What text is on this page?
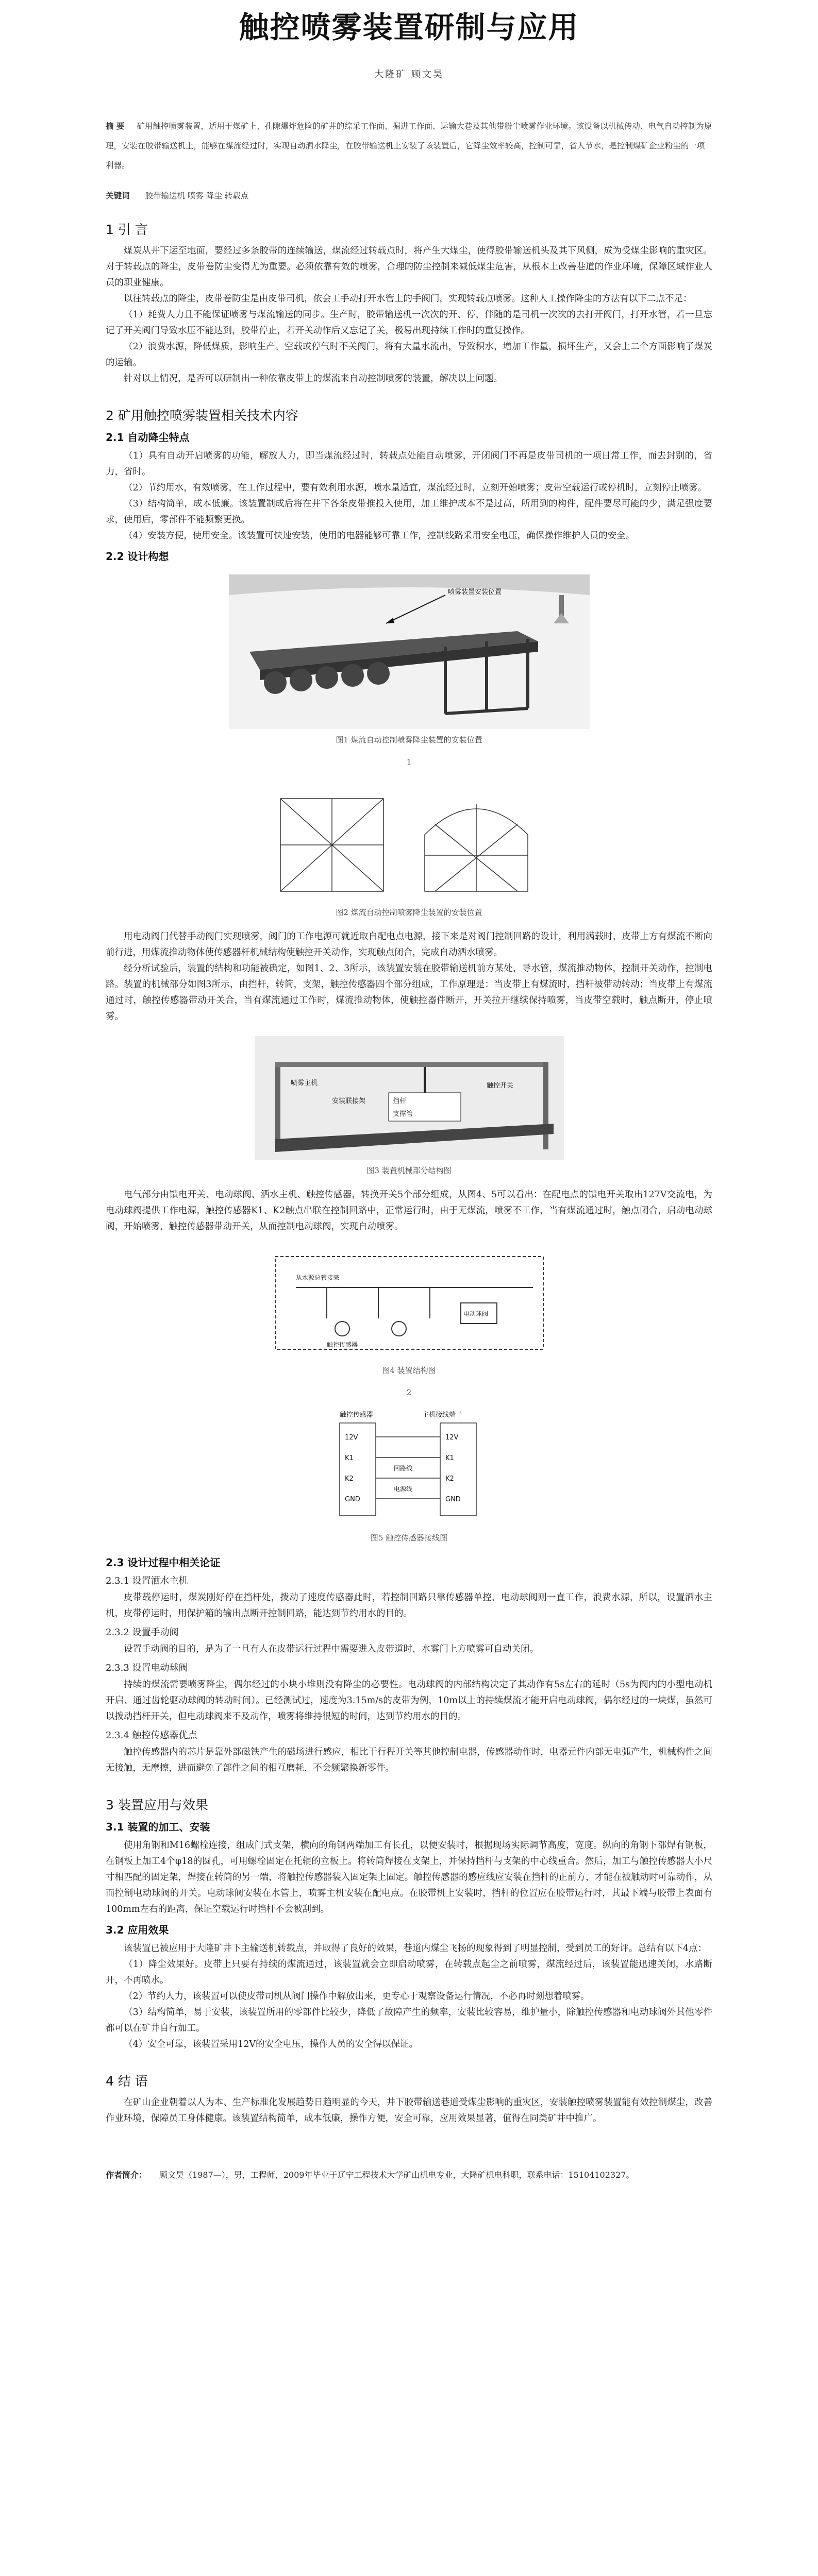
触控喷雾装置研制与应用
大隆矿 顾文昊
摘 要 矿用触控喷雾装置，适用于煤矿上、孔隙爆炸危险的矿井的综采工作面、掘进工作面、运输大巷及其他带粉尘喷雾作业环境。该设备以机械传动、电气自动控制为原理，安装在胶带输送机上，能够在煤流经过时，实现自动洒水降尘，在胶带输送机上安装了该装置后，它降尘效率较高，控制可靠，省人节水，是控制煤矿企业粉尘的一项利器。
关键词 胶带输送机 喷雾 降尘 转载点
1 引 言

煤炭从井下运至地面，要经过多条胶带的连续输送，煤流经过转载点时，将产生大煤尘，使得胶带输送机头及其下风侧，成为受煤尘影响的重灾区。对于转载点的降尘，皮带卷防尘变得尤为重要。必须依靠有效的喷雾，合理的防尘控制来减低煤尘危害，从根本上改善巷道的作业环境，保障区域作业人员的职业健康。

以往转载点的降尘，皮带卷防尘是由皮带司机，依会工手动打开水管上的手阀门，实现转载点喷雾。这种人工操作降尘的方法有以下二点不足：

（1）耗费人力且不能保证喷雾与煤流输送的同步。生产时，胶带输送机一次次的开、停，伴随的是司机一次次的去打开阀门，打开水管，若一旦忘记了开关阀门导致水压不能达到，胶带停止，若开关动作后又忘记了关，极易出现持续工作时的重复操作。

（2）浪费水源，降低煤质，影响生产。空载或停气时不关阀门，将有大量水流出，导致积水，增加工作量，损坏生产，又会上二个方面影响了煤炭的运输。

针对以上情况，是否可以研制出一种依靠皮带上的煤流来自动控制喷雾的装置，解决以上问题。

2 矿用触控喷雾装置相关技术内容
2.1 自动降尘特点

（1）具有自动开启喷雾的功能，解放人力，即当煤流经过时，转载点处能自动喷雾，开闭阀门不再是皮带司机的一项日常工作，而去封别的，省力，省时。

（2）节约用水，有效喷雾，在工作过程中，要有效利用水源，喷水量适宜，煤流经过时，立刻开始喷雾；皮带空载运行或停机时，立刻停止喷雾。

（3）结构简单，成本低廉。该装置制成后将在井下各条皮带推投入使用，加工维护成本不是过高，所用到的构件，配件要尽可能的少，满足强度要求，使用后，零部件不能频繁更换。

（4）安装方便，使用安全。该装置可快速安装，使用的电器能够可靠工作，控制线路采用安全电压，确保操作维护人员的安全。

2.2 设计构想
喷雾装置安装位置
图1 煤流自动控制喷雾降尘装置的安装位置
1
图2 煤流自动控制喷雾降尘装置的安装位置

用电动阀门代替手动阀门实现喷雾，阀门的工作电源可就近取自配电点电源，接下来是对阀门控制回路的设计，利用满载时，皮带上方有煤流不断向前行进，用煤流推动物体使传感器杆机械结构使触控开关动作，实现触点闭合，完成自动洒水喷雾。

经分析试验后，装置的结构和功能被确定，如图1、2、3所示，该装置安装在胶带输送机前方某处，导水管，煤流推动物体，控制开关动作，控制电路。装置的机械部分如图3所示，由挡杆，转筒，支架，触控传感器四个部分组成，工作原理是：当皮带上有煤流时，挡杆被带动转动；当皮带上有煤流通过时，触控传感器带动开关合，当有煤流通过工作时，煤流推动物体，使触控器件断开，开关拉开继续保持喷雾，当皮带空载时，触点断开，停止喷雾。

喷雾主机
安装联接架	挡杆
支撑管
触控开关
图3 装置机械部分结构图

电气部分由馈电开关、电动球阀、洒水主机、触控传感器，转换开关5个部分组成，从图4、5可以看出：在配电点的馈电开关取出127V交流电，为电动球阀提供工作电源，触控传感器K1、K2触点串联在控制回路中，正常运行时，由于无煤流，喷雾不工作，当有煤流通过时，触点闭合，启动电动球阀，开始喷雾，触控传感器带动开关，从而控制电动球阀，实现自动喷雾。

从水源总管接来
电动球阀
触控传感器
图4 装置结构图
2
触控传感器	主机接线端子
12V
K1
K2
GND
12V
K1
K2
GND
回路线
电源线
图5 触控传感器接线图
2.3 设计过程中相关论证
2.3.1 设置洒水主机

皮带载停运时，煤炭刚好停在挡杆处，拨动了速度传感器此时，若控制回路只靠传感器单控，电动球阀则一直工作，浪费水源，所以，设置洒水主机，皮带停运时，用保护箱的输出点断开控制回路，能达到节约用水的目的。

2.3.2 设置手动阀

设置手动阀的目的，是为了一旦有人在皮带运行过程中需要进入皮带道时，水雾门上方喷雾可自动关闭。

2.3.3 设置电动球阀

持续的煤流需要喷雾降尘，偶尔经过的小块小堆则没有降尘的必要性。电动球阀的内部结构决定了其动作有5s左右的延时（5s为阀内的小型电动机开启、通过齿轮驱动球阀的转动时间）。已经测试过，速度为3.15m/s的皮带为例，10m以上的持续煤流才能开启电动球阀，偶尔经过的一块煤，虽然可以拨动挡杆开关，但电动球阀来不及动作，喷雾将维持很短的时间，达到节约用水的目的。

2.3.4 触控传感器优点

触控传感器内的芯片是靠外部磁铁产生的磁场进行感应，相比于行程开关等其他控制电器，传感器动作时，电器元件内部无电弧产生，机械构件之间无接触，无摩擦，进而避免了部件之间的相互磨耗，不会频繁换新零件。

3 装置应用与效果
3.1 装置的加工、安装

使用角钢和M16螺栓连接，组成门式支架，横向的角钢两端加工有长孔，以便安装时，根据现场实际调节高度，宽度。纵向的角钢下部焊有钢板，在钢板上加工4个φ18的圆孔，可用螺栓固定在托辊的立板上。将转筒焊接在支架上，并保持挡杆与支架的中心线重合。然后，加工与触控传感器大小尺寸相匹配的固定架，焊接在转筒的另一端，将触控传感器装入固定架上固定。触控传感器的感应线应安装在挡杆的正前方，才能在被触动时可靠动作，从而控制电动球阀的开关。电动球阀安装在水管上，喷雾主机安装在配电点。在胶带机上安装时，挡杆的位置应在胶带运行时，其最下端与胶带上表面有100mm左右的距离，保证空载运行时挡杆不会被刮到。

3.2 应用效果

该装置已被应用于大隆矿井下主输送机转载点，并取得了良好的效果，巷道内煤尘飞扬的现象得到了明显控制，受到员工的好评。总结有以下4点：

（1）降尘效果好。皮带上只要有持续的煤流通过，该装置就会立即启动喷雾，在转载点起尘之前喷雾，煤流经过后，该装置能迅速关闭，水路断开，不再喷水。

（2）节约人力，该装置可以使皮带司机从阀门操作中解放出来，更专心于观察设备运行情况，不必再时刻想着喷雾。

（3）结构简单，易于安装，该装置所用的零部件比较少，降低了故障产生的频率，安装比较容易，维护量小，除触控传感器和电动球阀外其他零件都可以在矿井自行加工。

（4）安全可靠，该装置采用12V的安全电压，操作人员的安全得以保证。

4 结 语

在矿山企业朝着以人为本、生产标准化发展趋势日趋明显的今天，井下胶带输送巷道受煤尘影响的重灾区，安装触控喷雾装置能有效控制煤尘，改善作业环境，保障员工身体健康。该装置结构简单，成本低廉，操作方便，安全可靠，应用效果显著，值得在同类矿井中推广。

作者简介： 顾文昊（1987—），男，工程师，2009年毕业于辽宁工程技术大学矿山机电专业，大隆矿机电科职，联系电话：15104102327。
